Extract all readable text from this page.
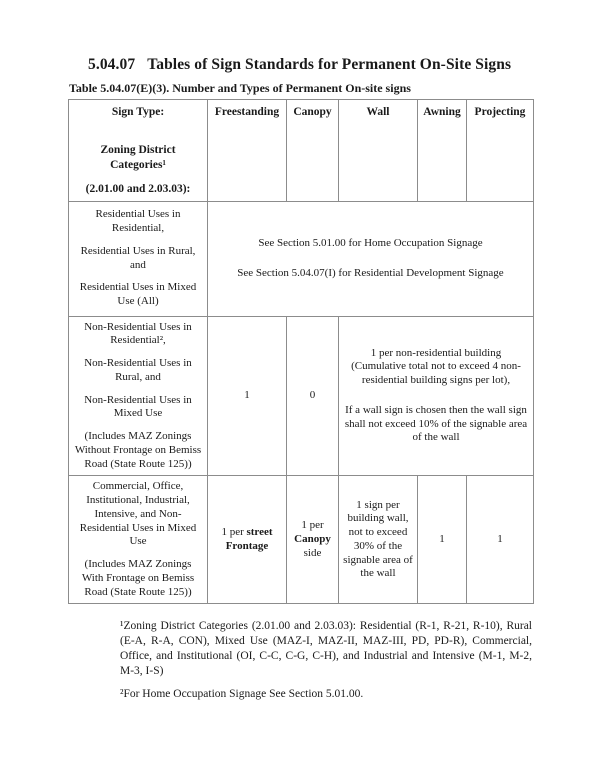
5.04.07 Tables of Sign Standards for Permanent On-Site Signs
Table 5.04.07(E)(3). Number and Types of Permanent On-site signs
Sign Type:
Zoning District Categories¹
(2.01.00 and 2.03.03):	Freestanding	Canopy	Wall	Awning	Projecting

Residential Uses in Residential,
Residential Uses in Rural, and
Residential Uses in Mixed Use (All)

See Section 5.01.00 for Home Occupation Signage
See Section 5.04.07(I) for Residential Development Signage

Non-Residential Uses in Residential²,
Non-Residential Uses in Rural, and
Non-Residential Uses in Mixed Use
(Includes MAZ Zonings Without Frontage on Bemiss Road (State Route 125))
	1	0	
1 per non-residential building (Cumulative total not to exceed 4 non-residential building signs per lot),
If a wall sign is chosen then the wall sign shall not exceed 10% of the signable area of the wall

Commercial, Office, Institutional, Industrial, Intensive, and Non-Residential Uses in Mixed Use
(Includes MAZ Zonings With Frontage on Bemiss Road (State Route 125))	1 per street Frontage	1 per Canopy side	1 sign per building wall, not to exceed 30% of the signable area of the wall	1	1

¹Zoning District Categories (2.01.00 and 2.03.03): Residential (R-1, R-21, R-10), Rural (E-A, R-A, CON), Mixed Use (MAZ-I, MAZ-II, MAZ-III, PD, PD-R), Commercial, Office, and Institutional (OI, C-C, C-G, C-H), and Industrial and Intensive (M-1, M-2, M-3, I-S)

²For Home Occupation Signage See Section 5.01.00.
